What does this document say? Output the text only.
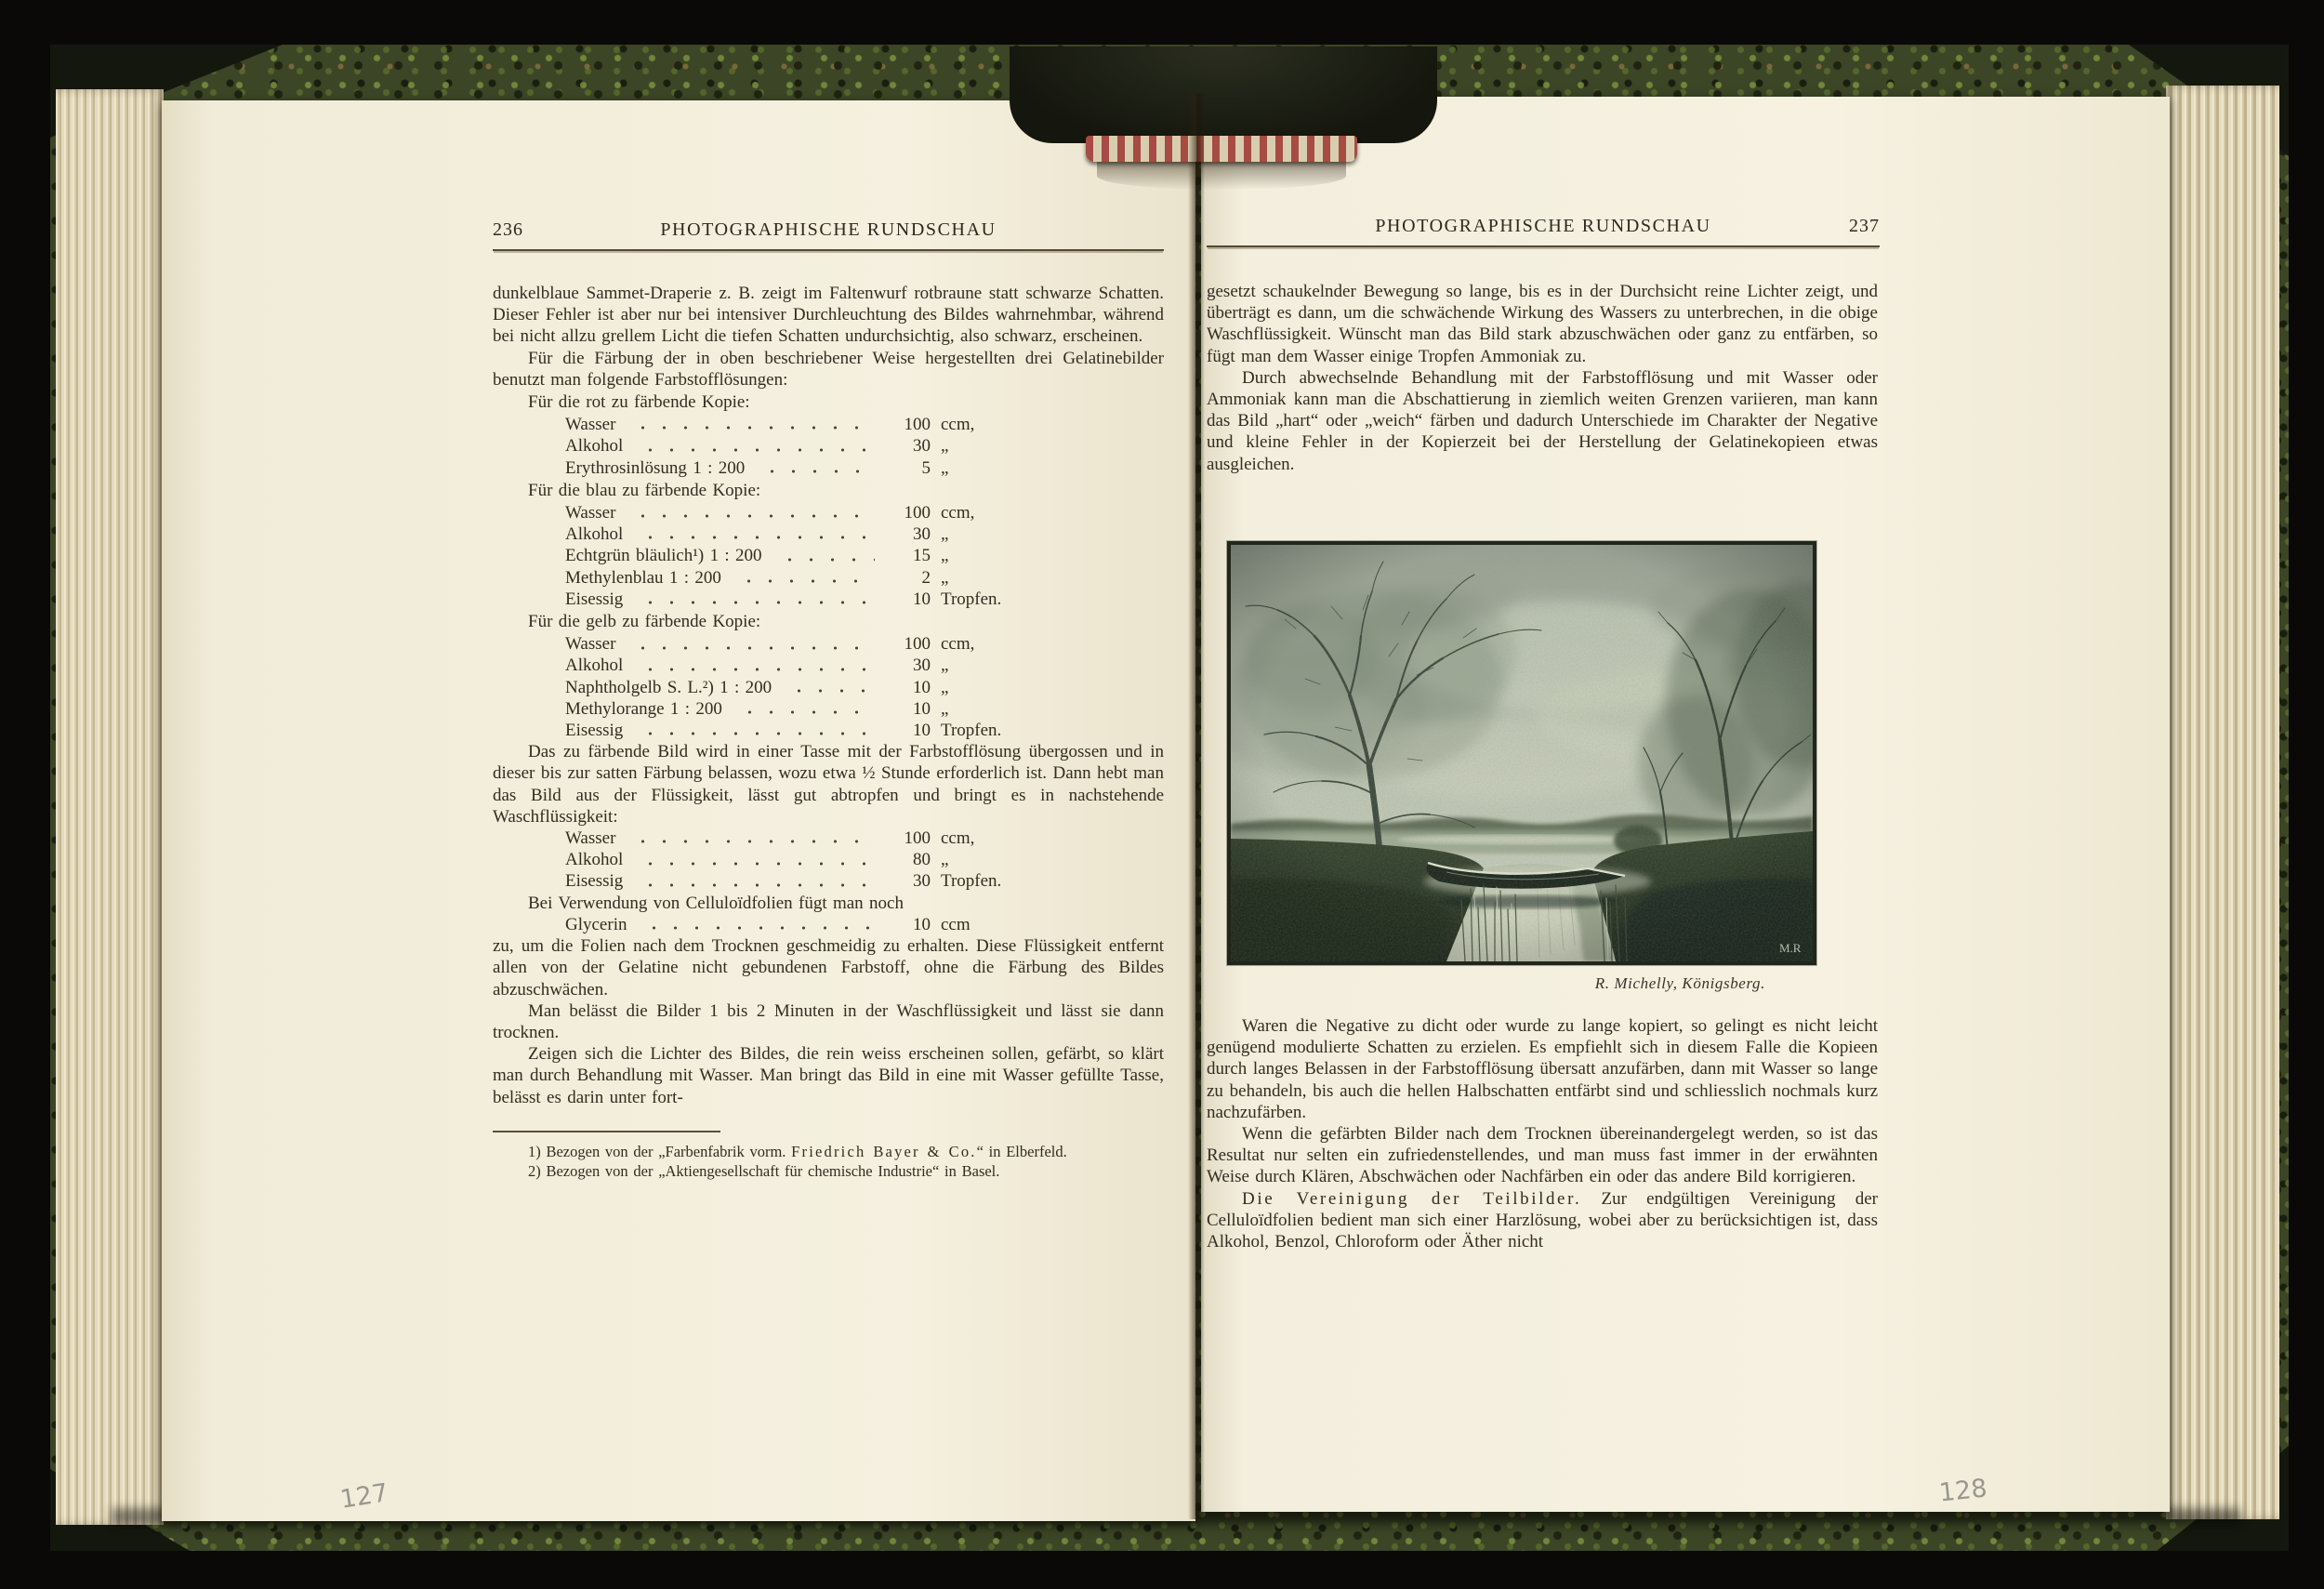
236	PHOTOGRAPHISCHE RUNDSCHAU

dunkelblaue Sammet-Draperie z. B. zeigt im Faltenwurf rotbraune statt schwarze Schatten. Dieser Fehler ist aber nur bei intensiver Durchleuchtung des Bildes wahrnehmbar, während bei nicht allzu grellem Licht die tiefen Schatten undurchsichtig, also schwarz, erscheinen.

Für die Färbung der in oben beschriebener Weise hergestellten drei Gelatinebilder benutzt man folgende Farbstofflösungen:

Für die rot zu färbende Kopie:
Wasser	100 ccm,
Alkohol	30 „
Erythrosinlösung 1 : 200	5 „
Für die blau zu färbende Kopie:
Wasser	100 ccm,
Alkohol	30 „
Echtgrün bläulich¹) 1 : 200	15 „
Methylenblau 1 : 200	2 „
Eisessig	10 Tropfen.
Für die gelb zu färbende Kopie:
Wasser	100 ccm,
Alkohol	30 „
Naphtholgelb S. L.²) 1 : 200	10 „
Methylorange 1 : 200	10 „
Eisessig	10 Tropfen.

Das zu färbende Bild wird in einer Tasse mit der Farbstofflösung übergossen und in dieser bis zur satten Färbung belassen, wozu etwa ½ Stunde erforderlich ist. Dann hebt man das Bild aus der Flüssigkeit, lässt gut abtropfen und bringt es in nachstehende Waschflüssigkeit:

Wasser	100 ccm,
Alkohol	80 „
Eisessig	30 Tropfen.

Bei Verwendung von Celluloïdfolien fügt man noch

Glycerin	10 ccm

zu, um die Folien nach dem Trocknen geschmeidig zu erhalten. Diese Flüssigkeit entfernt allen von der Gelatine nicht gebundenen Farbstoff, ohne die Färbung des Bildes abzuschwächen.

Man belässt die Bilder 1 bis 2 Minuten in der Waschflüssigkeit und lässt sie dann trocknen.

Zeigen sich die Lichter des Bildes, die rein weiss erscheinen sollen, gefärbt, so klärt man durch Behandlung mit Wasser. Man bringt das Bild in eine mit Wasser gefüllte Tasse, belässt es darin unter fort-

1) Bezogen von der „Farbenfabrik vorm. Friedrich Bayer & Co.“ in Elberfeld.

2) Bezogen von der „Aktiengesellschaft für chemische Industrie“ in Basel.

PHOTOGRAPHISCHE RUNDSCHAU	237

gesetzt schaukelnder Bewegung so lange, bis es in der Durchsicht reine Lichter zeigt, und überträgt es dann, um die schwächende Wirkung des Wassers zu unterbrechen, in die obige Waschflüssigkeit. Wünscht man das Bild stark abzuschwächen oder ganz zu entfärben, so fügt man dem Wasser einige Tropfen Ammoniak zu.

Durch abwechselnde Behandlung mit der Farbstofflösung und mit Wasser oder Ammoniak kann man die Abschattierung in ziemlich weiten Grenzen variieren, man kann das Bild „hart“ oder „weich“ färben und dadurch Unterschiede im Charakter der Negative und kleine Fehler in der Kopierzeit bei der Herstellung der Gelatinekopieen etwas ausgleichen.

M.R
R. Michelly, Königsberg.

Waren die Negative zu dicht oder wurde zu lange kopiert, so gelingt es nicht leicht genügend modulierte Schatten zu erzielen. Es empfiehlt sich in diesem Falle die Kopieen durch langes Belassen in der Farbstofflösung übersatt anzufärben, dann mit Wasser so lange zu behandeln, bis auch die hellen Halbschatten entfärbt sind und schliesslich nochmals kurz nachzufärben.

Wenn die gefärbten Bilder nach dem Trocknen übereinandergelegt werden, so ist das Resultat nur selten ein zufriedenstellendes, und man muss fast immer in der erwähnten Weise durch Klären, Abschwächen oder Nachfärben ein oder das andere Bild korrigieren.

Die Vereinigung der Teilbilder. Zur endgültigen Vereinigung der Celluloïdfolien bedient man sich einer Harzlösung, wobei aber zu berücksichtigen ist, dass Alkohol, Benzol, Chloroform oder Äther nicht

127	128
